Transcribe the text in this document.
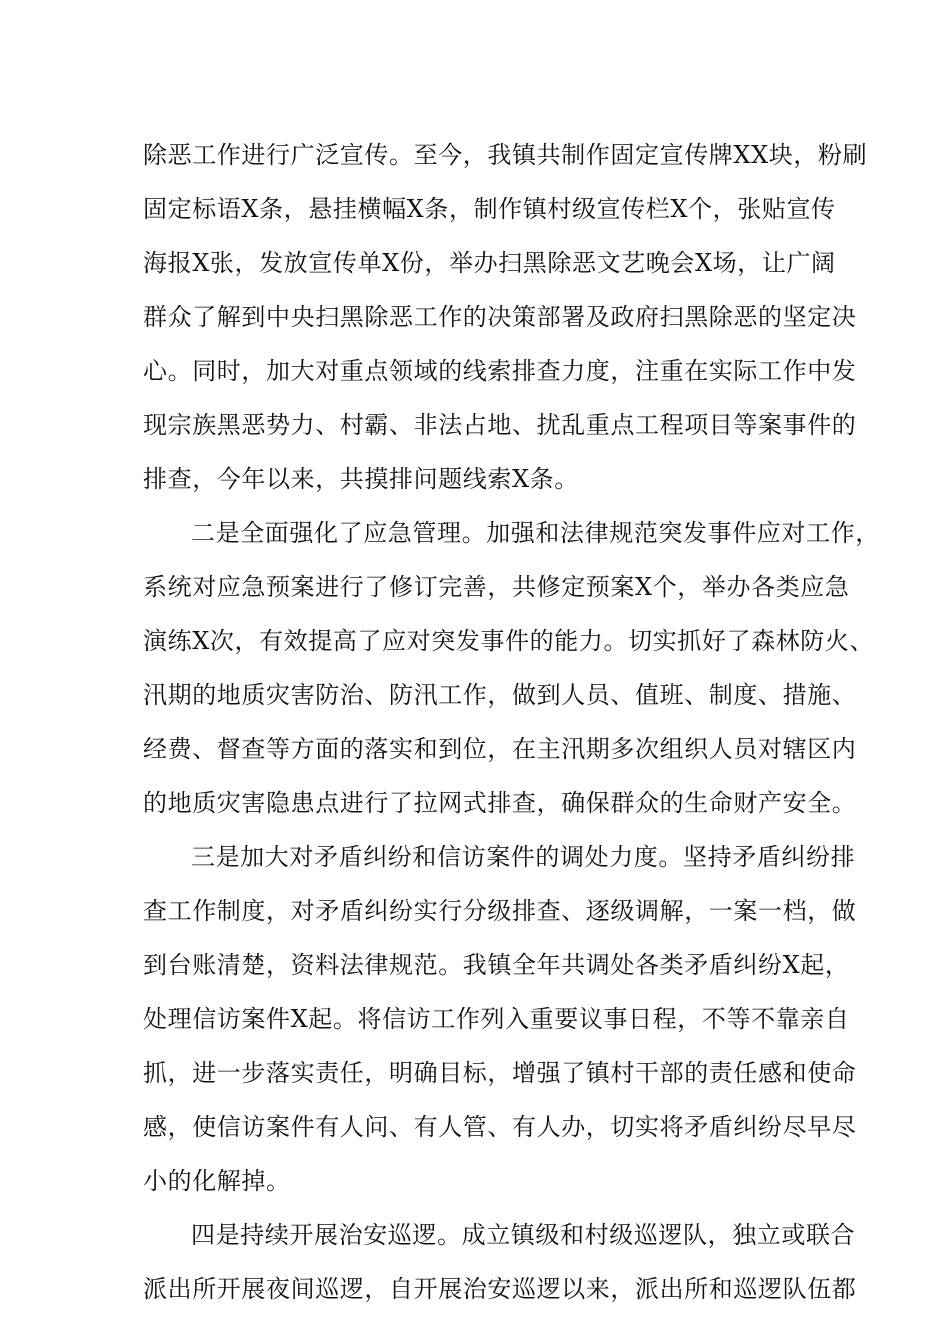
除恶工作进行广泛宣传。至今，我镇共制作固定宣传牌XX块，粉刷
固定标语X条，悬挂横幅X条，制作镇村级宣传栏X个，张贴宣传
海报X张，发放宣传单X份，举办扫黑除恶文艺晚会X场，让广阔
群众了解到中央扫黑除恶工作的决策部署及政府扫黑除恶的坚定决
心。同时，加大对重点领域的线索排查力度，注重在实际工作中发
现宗族黑恶势力、村霸、非法占地、扰乱重点工程项目等案事件的
排查，今年以来，共摸排问题线索X条。
二是全面强化了应急管理。加强和法律规范突发事件应对工作，
系统对应急预案进行了修订完善，共修定预案X个，举办各类应急
演练X次，有效提高了应对突发事件的能力。切实抓好了森林防火、
汛期的地质灾害防治、防汛工作，做到人员、值班、制度、措施、
经费、督查等方面的落实和到位，在主汛期多次组织人员对辖区内
的地质灾害隐患点进行了拉网式排查，确保群众的生命财产安全。
三是加大对矛盾纠纷和信访案件的调处力度。坚持矛盾纠纷排
查工作制度，对矛盾纠纷实行分级排查、逐级调解，一案一档，做
到台账清楚，资料法律规范。我镇全年共调处各类矛盾纠纷X起，
处理信访案件X起。将信访工作列入重要议事日程，不等不靠亲自
抓，进一步落实责任，明确目标，增强了镇村干部的责任感和使命
感，使信访案件有人问、有人管、有人办，切实将矛盾纠纷尽早尽
小的化解掉。
四是持续开展治安巡逻。成立镇级和村级巡逻队，独立或联合
派出所开展夜间巡逻，自开展治安巡逻以来，派出所和巡逻队伍都
